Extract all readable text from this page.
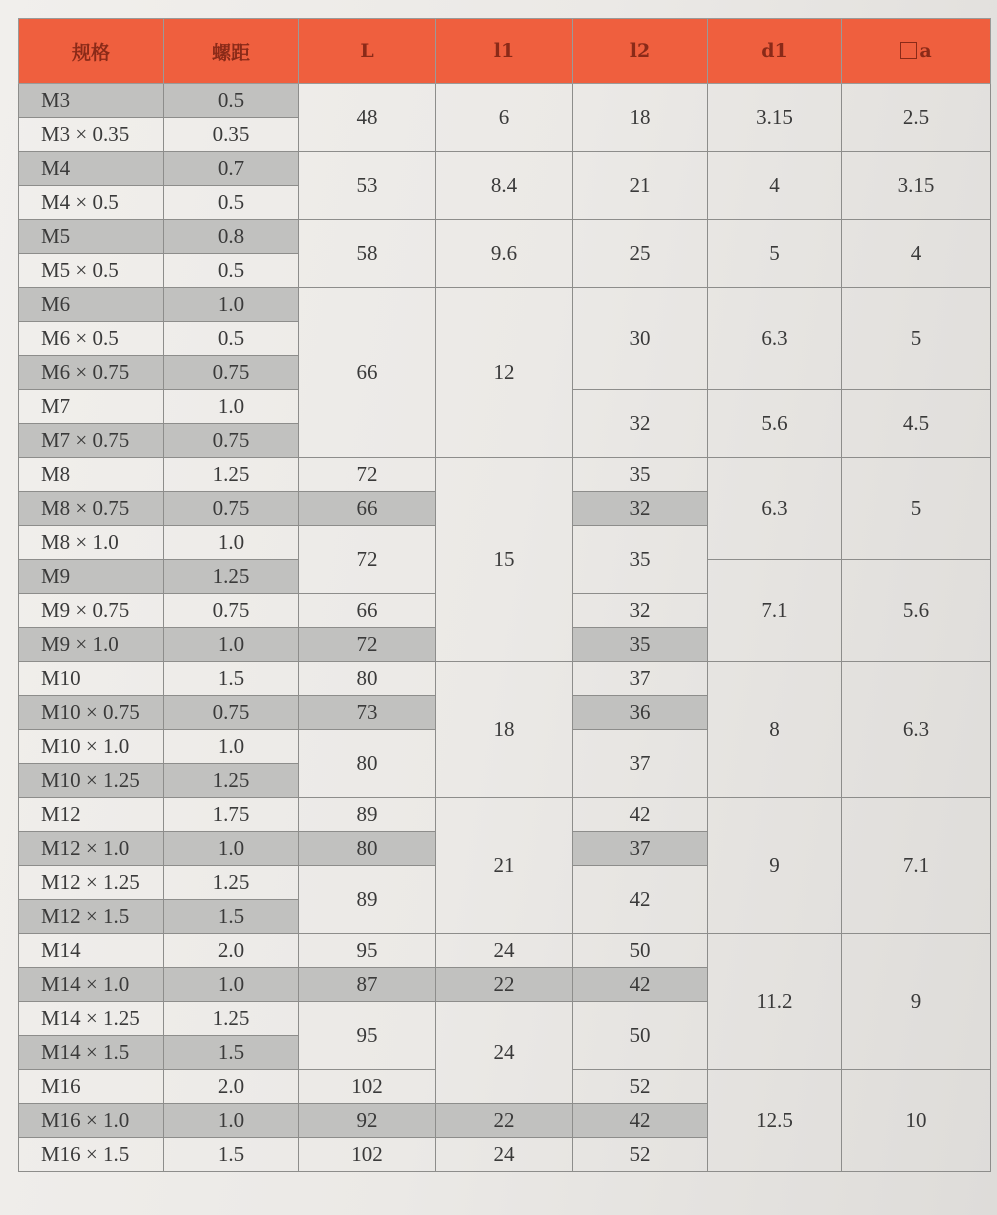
规格	螺距	L	l1	l2	d1	a
M3	0.5	48	6	18	3.15	2.5
M3 × 0.35	0.35					
M4	0.7	53	8.4	21	4	3.15
M4 × 0.5	0.5					
M5	0.8	58	9.6	25	5	4
M5 × 0.5	0.5					
M6	1.0	66	12	30	6.3	5
M6 × 0.5	0.5					
M6 × 0.75	0.75					
M7	1.0			32	5.6	4.5
M7 × 0.75	0.75					
M8	1.25	72	15	35	6.3	5
M8 × 0.75	0.75	66		32		
M8 × 1.0	1.0	72		35		
M9	1.25				7.1	5.6
M9 × 0.75	0.75	66		32		
M9 × 1.0	1.0	72		35		
M10	1.5	80	18	37	8	6.3
M10 × 0.75	0.75	73		36		
M10 × 1.0	1.0	80		37		
M10 × 1.25	1.25					
M12	1.75	89	21	42	9	7.1
M12 × 1.0	1.0	80		37		
M12 × 1.25	1.25	89		42		
M12 × 1.5	1.5					
M14	2.0	95	24	50	11.2	9
M14 × 1.0	1.0	87	22	42		
M14 × 1.25	1.25	95	24	50		
M14 × 1.5	1.5					
M16	2.0	102		52	12.5	10
M16 × 1.0	1.0	92	22	42		
M16 × 1.5	1.5	102	24	52		
